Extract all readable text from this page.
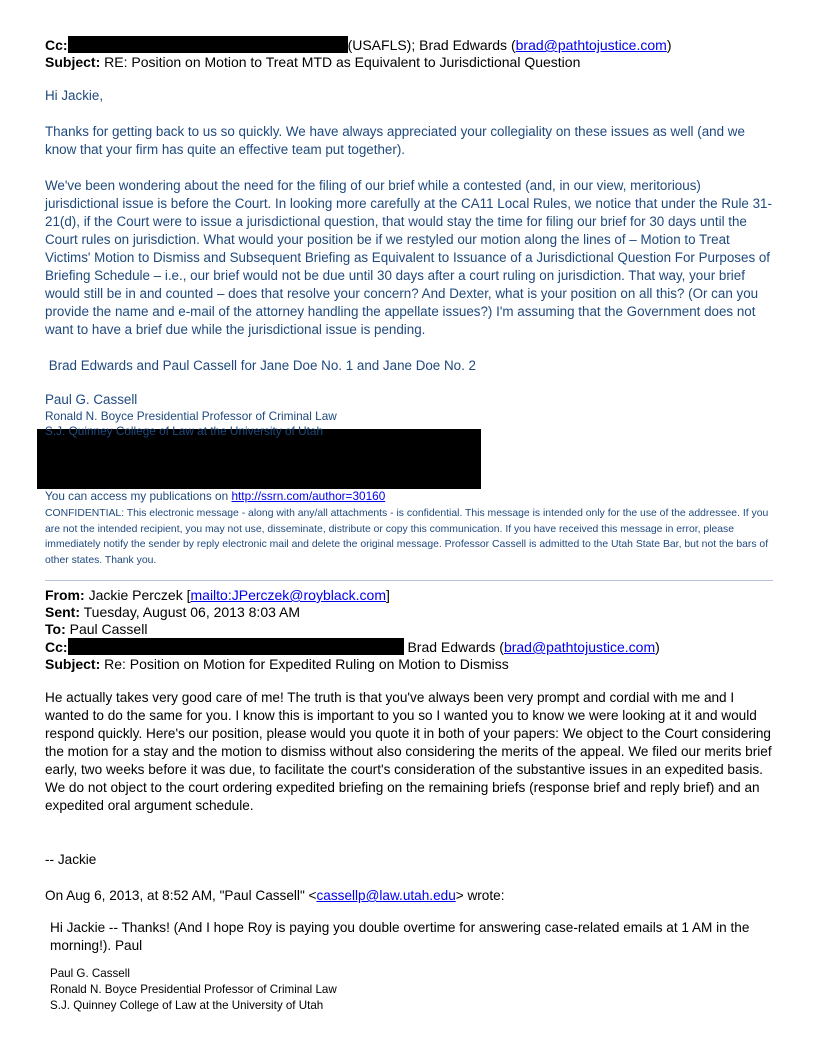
Cc:	(USAFLS); Brad Edwards (brad@pathtojustice.com)
Subject: RE: Position on Motion to Treat MTD as Equivalent to Jurisdictional Question

Hi Jackie,

Thanks for getting back to us so quickly. We have always appreciated your collegiality on these issues as well (and we know that your firm has quite an effective team put together).

We've been wondering about the need for the filing of our brief while a contested (and, in our view, meritorious) jurisdictional issue is before the Court. In looking more carefully at the CA11 Local Rules, we notice that under the Rule 31-21(d), if the Court were to issue a jurisdictional question, that would stay the time for filing our brief for 30 days until the Court rules on jurisdiction. What would your position be if we restyled our motion along the lines of – Motion to Treat Victims' Motion to Dismiss and Subsequent Briefing as Equivalent to Issuance of a Jurisdictional Question For Purposes of Briefing Schedule – i.e., our brief would not be due until 30 days after a court ruling on jurisdiction. That way, your brief would still be in and counted – does that resolve your concern? And Dexter, what is your position on all this? (Or can you provide the name and e-mail of the attorney handling the appellate issues?) I'm assuming that the Government does not want to have a brief due while the jurisdictional issue is pending.

Brad Edwards and Paul Cassell for Jane Doe No. 1 and Jane Doe No. 2

Paul G. Cassell
Ronald N. Boyce Presidential Professor of Criminal Law
You can access my publications on http://ssrn.com/author=30160
CONFIDENTIAL: This electronic message - along with any/all attachments - is confidential. This message is intended only for the use of the addressee. If you are not the intended recipient, you may not use, disseminate, distribute or copy this communication. If you have received this message in error, please immediately notify the sender by reply electronic mail and delete the original message. Professor Cassell is admitted to the Utah State Bar, but not the bars of other states. Thank you.
From: Jackie Perczek [mailto:JPerczek@royblack.com]
Sent: Tuesday, August 06, 2013 8:03 AM
To: Paul Cassell
Cc:	Brad Edwards (brad@pathtojustice.com)
Subject: Re: Position on Motion for Expedited Ruling on Motion to Dismiss

He actually takes very good care of me! The truth is that you've always been very prompt and cordial with me and I wanted to do the same for you. I know this is important to you so I wanted you to know we were looking at it and would respond quickly. Here's our position, please would you quote it in both of your papers: We object to the Court considering the motion for a stay and the motion to dismiss without also considering the merits of the appeal. We filed our merits brief early, two weeks before it was due, to facilitate the court's consideration of the substantive issues in an expedited basis. We do not object to the court ordering expedited briefing on the remaining briefs (response brief and reply brief) and an expedited oral argument schedule.

-- Jackie

On Aug 6, 2013, at 8:52 AM, "Paul Cassell" <cassellp@law.utah.edu> wrote:

Hi Jackie -- Thanks! (And I hope Roy is paying you double overtime for answering case-related emails at 1 AM in the morning!). Paul
Paul G. Cassell
Ronald N. Boyce Presidential Professor of Criminal Law
S.J. Quinney College of Law at the University of Utah
